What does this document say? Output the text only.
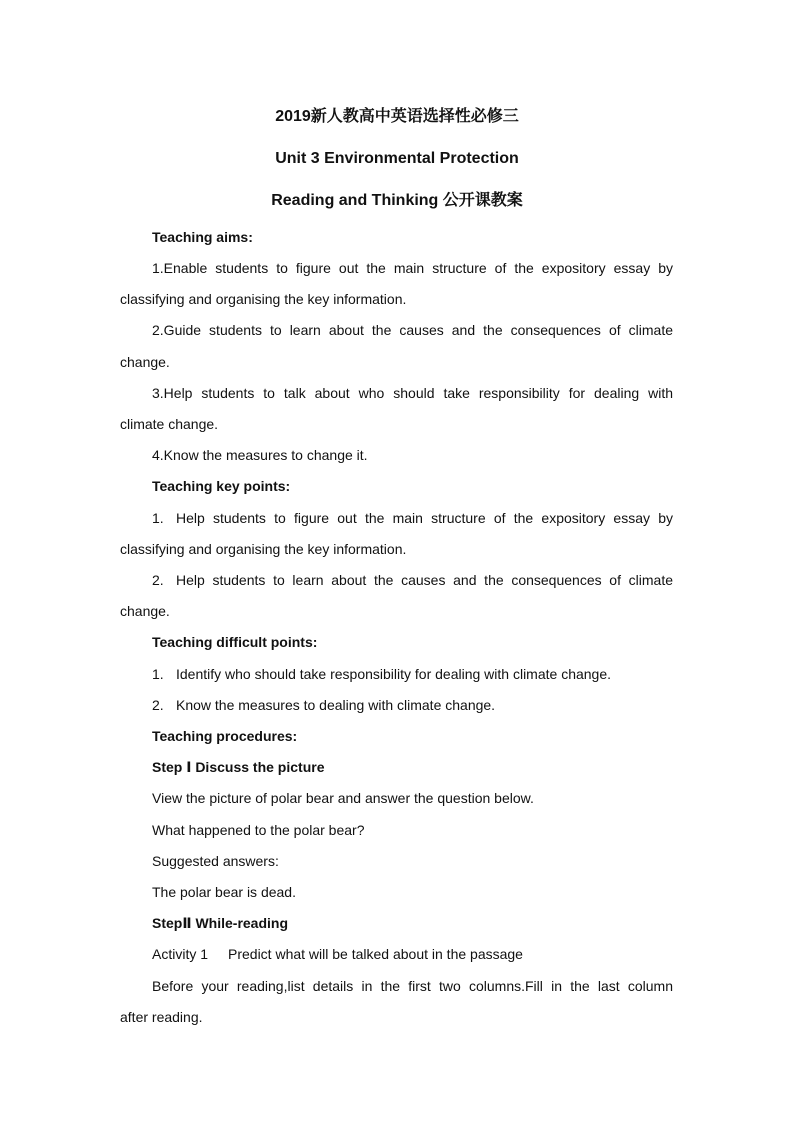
2019新人教高中英语选择性必修三

Unit 3 Environmental Protection

Reading and Thinking 公开课教案

Teaching aims:

1.Enable students to figure out the main structure of the expository essay by

classifying and organising the key information.

2.Guide students to learn about the causes and the consequences of climate

change.

3.Help students to talk about who should take responsibility for dealing with

climate change.

4.Know the measures to change it.

Teaching key points:

1. Help students to figure out the main structure of the expository essay by

classifying and organising the key information.

2. Help students to learn about the causes and the consequences of climate

change.

Teaching difficult points:

1. Identify who should take responsibility for dealing with climate change.
2. Know the measures to dealing with climate change.

Teaching procedures:

Step Ⅰ Discuss the picture

View the picture of polar bear and answer the question below.

What happened to the polar bear?

Suggested answers:

The polar bear is dead.

StepⅡ While-reading

Activity 1 Predict what will be talked about in the passage

Before your reading,list details in the first two columns.Fill in the last column

after reading.
